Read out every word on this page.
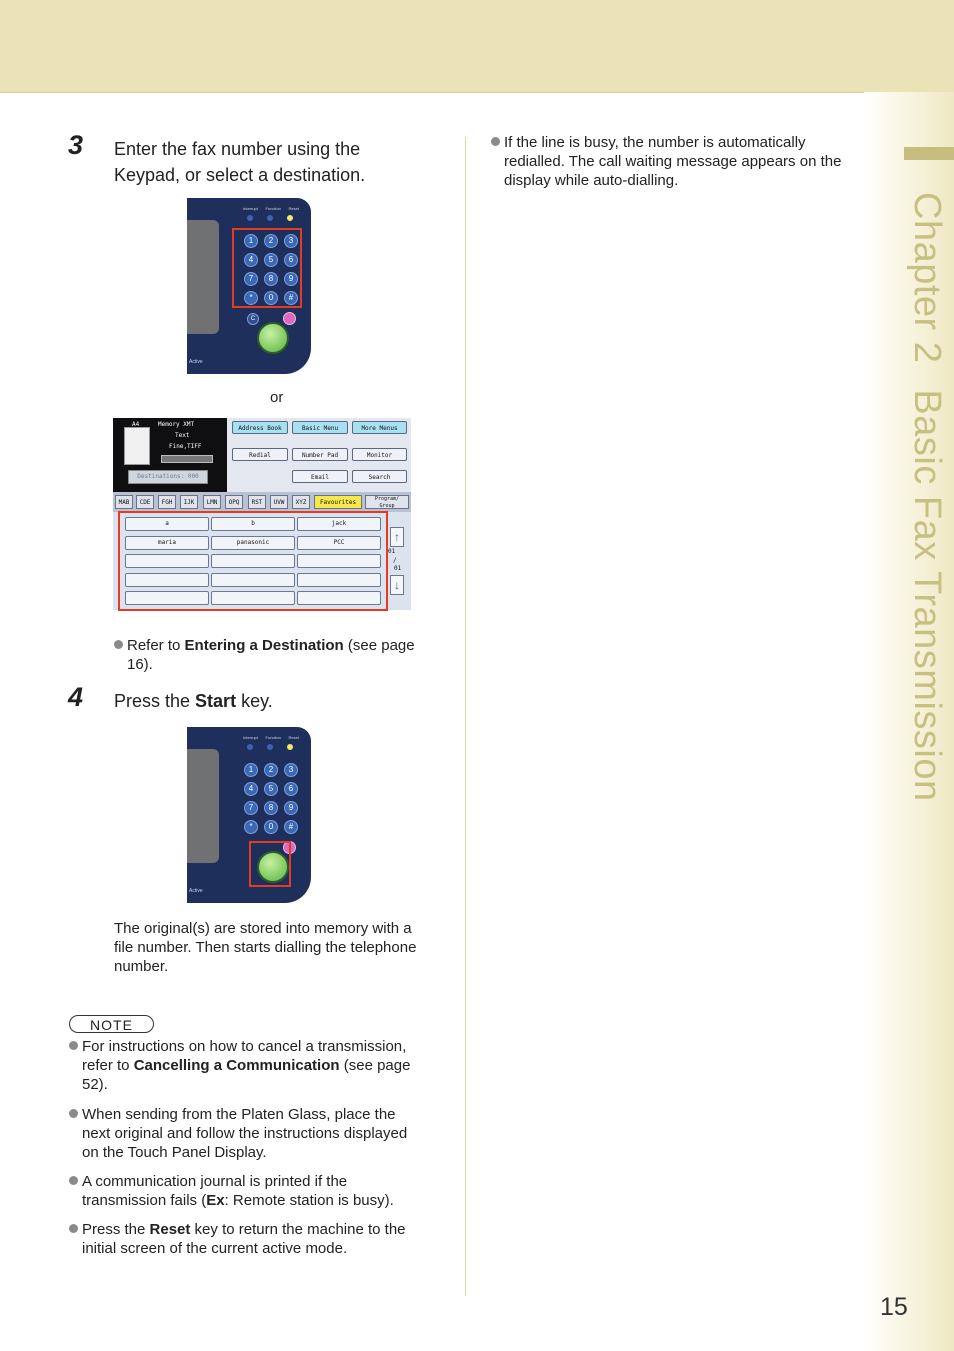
Chapter 2Basic Fax Transmission
15
3 Enter the fax number using the
Keypad, or select a destination.
Interrupt Function Reset
1	2	3
4	5	6
7	8	9
*	0	#
C
Active
or
A4	Memory XMT
Text
Fine,TIFF
Destinations: 000
Address Book	Basic Menu	More Menus
Redial	Number Pad	Monitor
Email	Search
MAB	CDE	FGH	IJK	LMN	OPQ	RST	UVW	XYZ	Favourites	Program/ Group
a	b	jack
maria	panasonic	PCC	↑
01
/
01
↓
Refer to Entering a Destination (see page
16).
4 Press the Start key.
Interrupt Function Reset
1	2	3
4	5	6
7	8	9
*	0	#
Active
The original(s) are stored into memory with a
file number. Then starts dialling the telephone
number.
NOTE
For instructions on how to cancel a transmission,
refer to Cancelling a Communication (see page
52).
When sending from the Platen Glass, place the
next original and follow the instructions displayed
on the Touch Panel Display.
A communication journal is printed if the
transmission fails (Ex: Remote station is busy).
Press the Reset key to return the machine to the
initial screen of the current active mode.
If the line is busy, the number is automatically
redialled. The call waiting message appears on the
display while auto-dialling.
